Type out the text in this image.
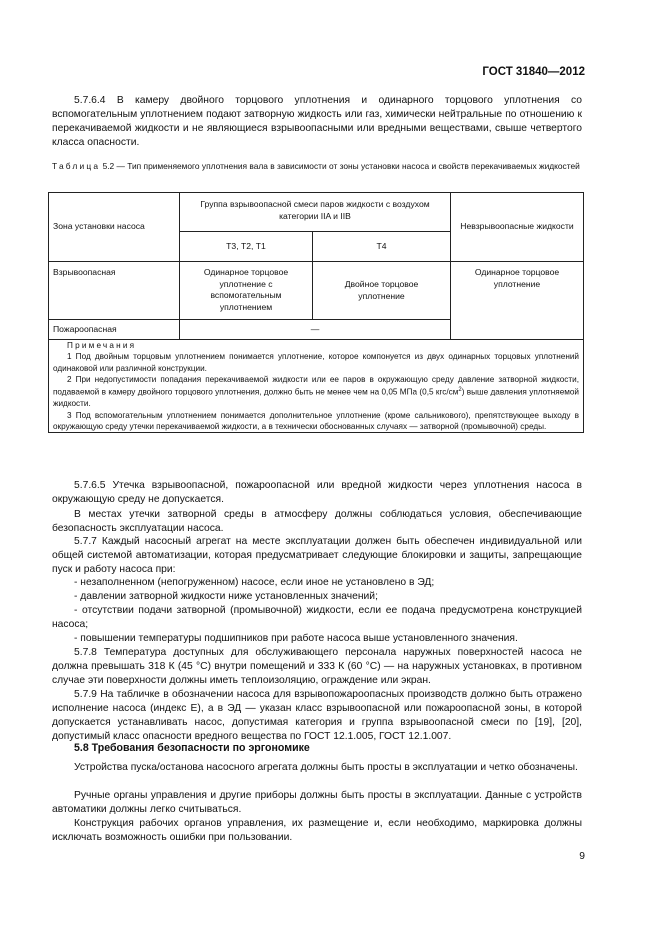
ГОСТ 31840—2012
5.7.6.4 В камеру двойного торцового уплотнения и одинарного торцового уплотнения со вспомогательным уплотнением подают затворную жидкость или газ, химически нейтральные по отношению к перекачиваемой жидкости и не являющиеся взрывоопасными или вредными веществами, свыше четвертого класса опасности.
Таблица 5.2 — Тип применяемого уплотнения вала в зависимости от зоны установки насоса и свойств перекачиваемых жидкостей
Зона установки насоса	Группа взрывоопасной смеси паров жидкости с воздухом категории IIA и IIB		Невзрывоопасные жидкости
	Т3, Т2, Т1	Т4	
Взрывоопасная	Одинарное торцовое уплотнение с вспомогательным уплотнением	Двойное торцовое уплотнение	Одинарное торцовое уплотнение
Пожароопасная	—		

Примечания

1 Под двойным торцовым уплотнением понимается уплотнение, которое компонуется из двух одинарных торцовых уплотнений одинаковой или различной конструкции.

2 При недопустимости попадания перекачиваемой жидкости или ее паров в окружающую среду давление затворной жидкости, подаваемой в камеру двойного торцового уплотнения, должно быть не менее чем на 0,05 МПа (0,5 кгс/$см^2$) выше давления уплотняемой жидкости.

3 Под вспомогательным уплотнением понимается дополнительное уплотнение (кроме сальникового), препятствующее выходу в окружающую среду утечки перекачиваемой жидкости, а в технически обоснованных случаях — затворной (промывочной) среды.			

5.7.6.5 Утечка взрывоопасной, пожароопасной или вредной жидкости через уплотнения насоса в окружающую среду не допускается.
В местах утечки затворной среды в атмосферу должны соблюдаться условия, обеспечивающие безопасность эксплуатации насоса.
5.7.7 Каждый насосный агрегат на месте эксплуатации должен быть обеспечен индивидуальной или общей системой автоматизации, которая предусматривает следующие блокировки и защиты, запрещающие пуск и работу насоса при:
- незаполненном (непогруженном) насосе, если иное не установлено в ЭД;
- давлении затворной жидкости ниже установленных значений;
- отсутствии подачи затворной (промывочной) жидкости, если ее подача предусмотрена конструкцией насоса;
- повышении температуры подшипников при работе насоса выше установленного значения.
5.7.8 Температура доступных для обслуживающего персонала наружных поверхностей насоса не должна превышать 318 К (45 °С) внутри помещений и 333 К (60 °С) — на наружных установках, в противном случае эти поверхности должны иметь теплоизоляцию, ограждение или экран.
5.7.9 На табличке в обозначении насоса для взрывопожароопасных производств должно быть отражено исполнение насоса (индекс Е), а в ЭД — указан класс взрывоопасной или пожароопасной зоны, в которой допускается устанавливать насос, допустимая категория и группа взрывоопасной смеси по [19], [20], допустимый класс опасности вредного вещества по ГОСТ 12.1.005, ГОСТ 12.1.007.
5.8 Требования безопасности по эргономике
Устройства пуска/останова насосного агрегата должны быть просты в эксплуатации и четко обозначены.
Ручные органы управления и другие приборы должны быть просты в эксплуатации. Данные с устройств автоматики должны легко считываться.
Конструкция рабочих органов управления, их размещение и, если необходимо, маркировка должны исключать возможность ошибки при пользовании.
9
